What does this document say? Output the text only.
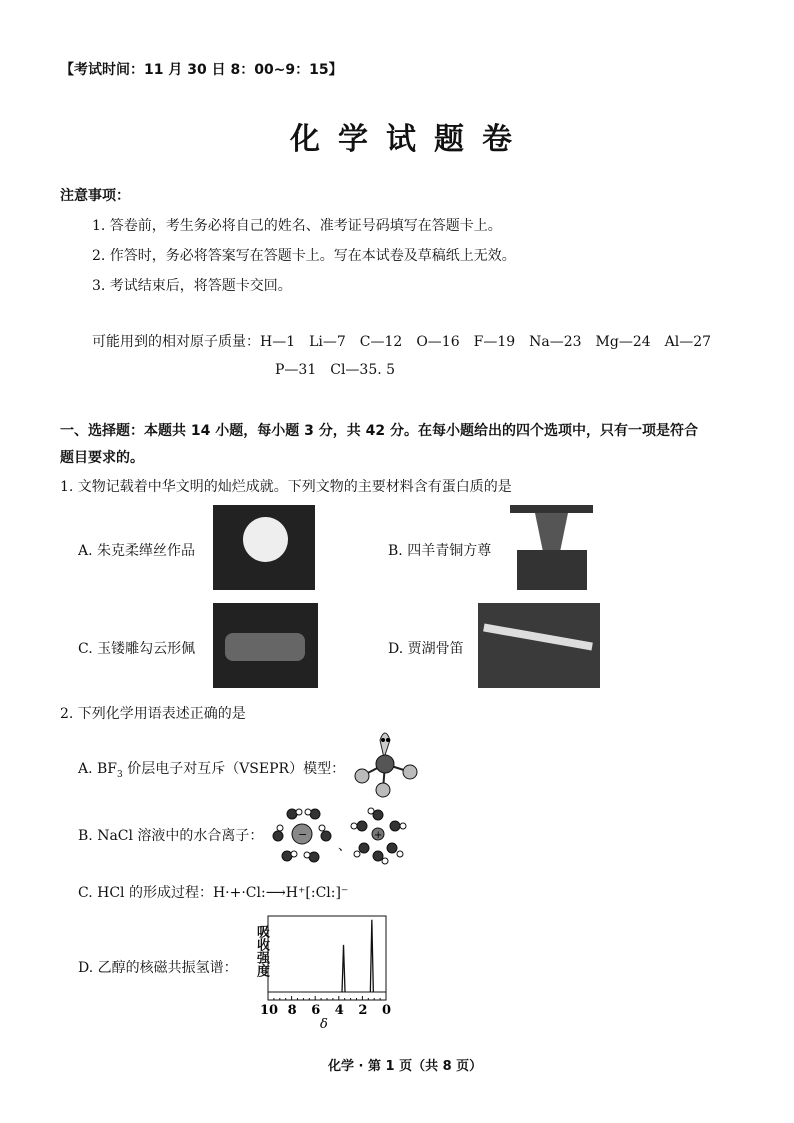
【考试时间：11 月 30 日 8：00~9：15】
化学试题卷
注意事项：
1. 答卷前，考生务必将自己的姓名、准考证号码填写在答题卡上。
2. 作答时，务必将答案写在答题卡上。写在本试卷及草稿纸上无效。
3. 考试结束后，将答题卡交回。
可能用到的相对原子质量：H—1　Li—7　C—12　O—16　F—19　Na—23　Mg—24　Al—27
P—31　Cl—35. 5
一、选择题：本题共 14 小题，每小题 3 分，共 42 分。在每小题给出的四个选项中，只有一项是符合
题目要求的。
1. 文物记载着中华文明的灿烂成就。下列文物的主要材料含有蛋白质的是
A. 朱克柔缂丝作品	B. 四羊青铜方尊
C. 玉镂雕勾云形佩	D. 贾湖骨笛
2. 下列化学用语表述正确的是
A. $BF_3$ 价层电子对互斥（VSEPR）模型：
B. NaCl 溶液中的水合离子：	−
、
+
C. HCl 的形成过程：H·+·Cl:⟶H⁺[:Cl:]⁻
D. 乙醇的核磁共振氢谱： 吸收强度
10 8 6 4 2 0
δ
化学 · 第 1 页（共 8 页）
